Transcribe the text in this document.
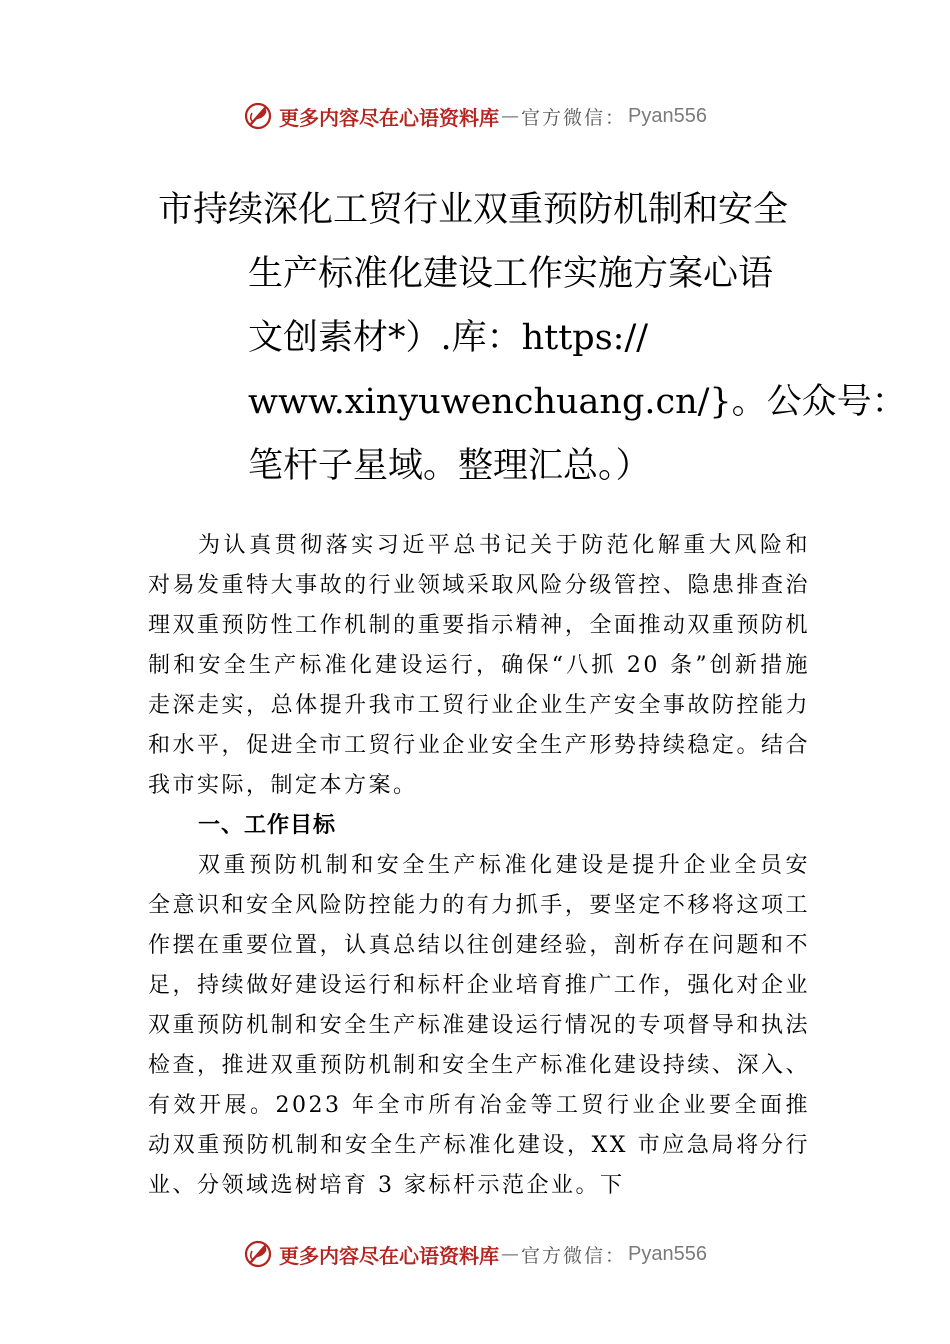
更多内容尽在心语资料库 — 官方微信： Pyan556
市持续深化工贸行业双重预防机制和安全
生产标准化建设工作实施方案心语
文创素材*）.库：https://
www.xinyuwenchuang.cn/}。公众号：
笔杆子星域。整理汇总。）

为认真贯彻落实习近平总书记关于防范化解重大风险和对易发重特大事故的行业领域采取风险分级管控、隐患排查治理双重预防性工作机制的重要指示精神，全面推动双重预防机制和安全生产标准化建设运行，确保“八抓 20 条”创新措施走深走实，总体提升我市工贸行业企业生产安全事故防控能力和水平，促进全市工贸行业企业安全生产形势持续稳定。结合我市实际，制定本方案。

一、工作目标

双重预防机制和安全生产标准化建设是提升企业全员安全意识和安全风险防控能力的有力抓手，要坚定不移将这项工作摆在重要位置，认真总结以往创建经验，剖析存在问题和不足，持续做好建设运行和标杆企业培育推广工作，强化对企业双重预防机制和安全生产标准建设运行情况的专项督导和执法检查，推进双重预防机制和安全生产标准化建设持续、深入、有效开展。2023 年全市所有冶金等工贸行业企业要全面推动双重预防机制和安全生产标准化建设，XX 市应急局将分行业、分领域选树培育 3 家标杆示范企业。下

更多内容尽在心语资料库 — 官方微信： Pyan556
